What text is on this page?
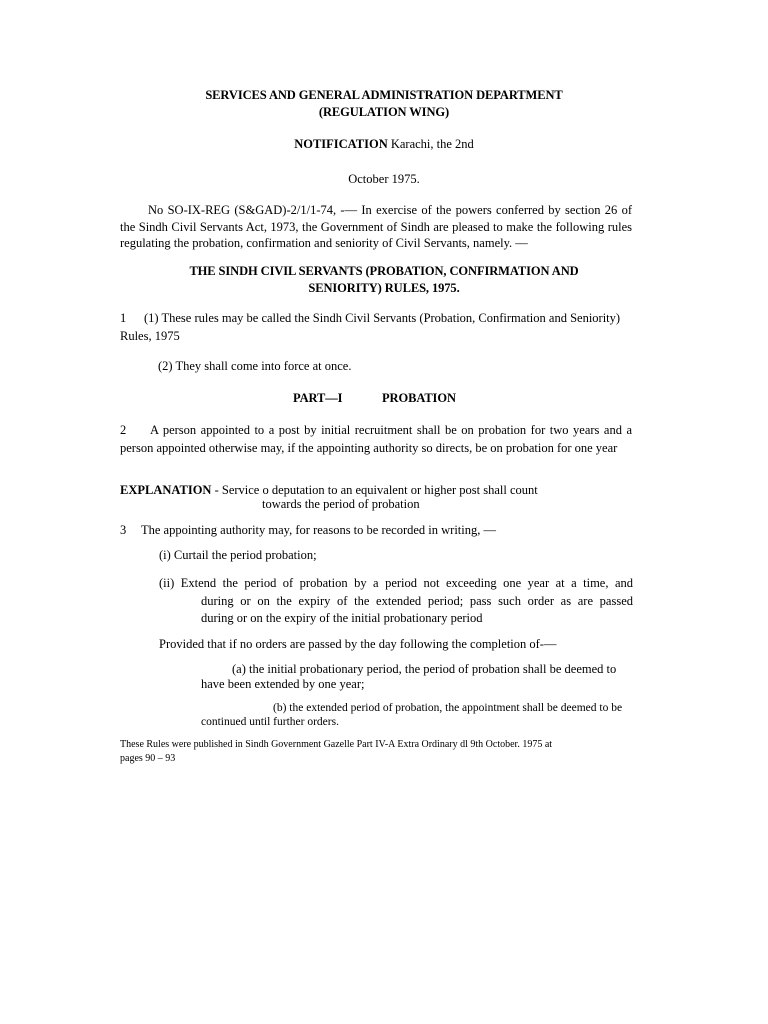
SERVICES AND GENERAL ADMINISTRATION DEPARTMENT
(REGULATION WING)
NOTIFICATION Karachi, the 2nd
October 1975.
No SO-IX-REG (S&GAD)-2/1/1-74, -— In exercise of the powers conferred by section 26 of the Sindh Civil Servants Act, 1973, the Government of Sindh are pleased to make the following rules regulating the probation, confirmation and seniority of Civil Servants, namely. —
THE SINDH CIVIL SERVANTS (PROBATION, CONFIRMATION AND
SENIORITY) RULES, 1975.
1	(1) These rules may be called the Sindh Civil Servants (Probation, Confirmation and Seniority) Rules, 1975
(2) They shall come into force at once.
PART—I	PROBATION
2	A person appointed to a post by initial recruitment shall be on probation for two years and a person appointed otherwise may, if the appointing authority so directs, be on probation for one year
EXPLANATION - Service o deputation to an equivalent or higher post shall count
towards the period of probation
3 The appointing authority may, for reasons to be recorded in writing, —
(i) Curtail the period probation;
(ii) Extend the period of probation by a period not exceeding one year at a time, and
during or on the expiry of the extended period; pass such order as are passed
during or on the expiry of the initial probationary period
Provided that if no orders are passed by the day following the completion of-—
(a) the initial probationary period, the period of probation shall be deemed to
have been extended by one year;
(b) the extended period of probation, the appointment shall be deemed to be
continued until further orders.
These Rules were published in Sindh Government Gazelle Part IV-A Extra Ordinary dl 9th October. 1975 at
pages 90 – 93
